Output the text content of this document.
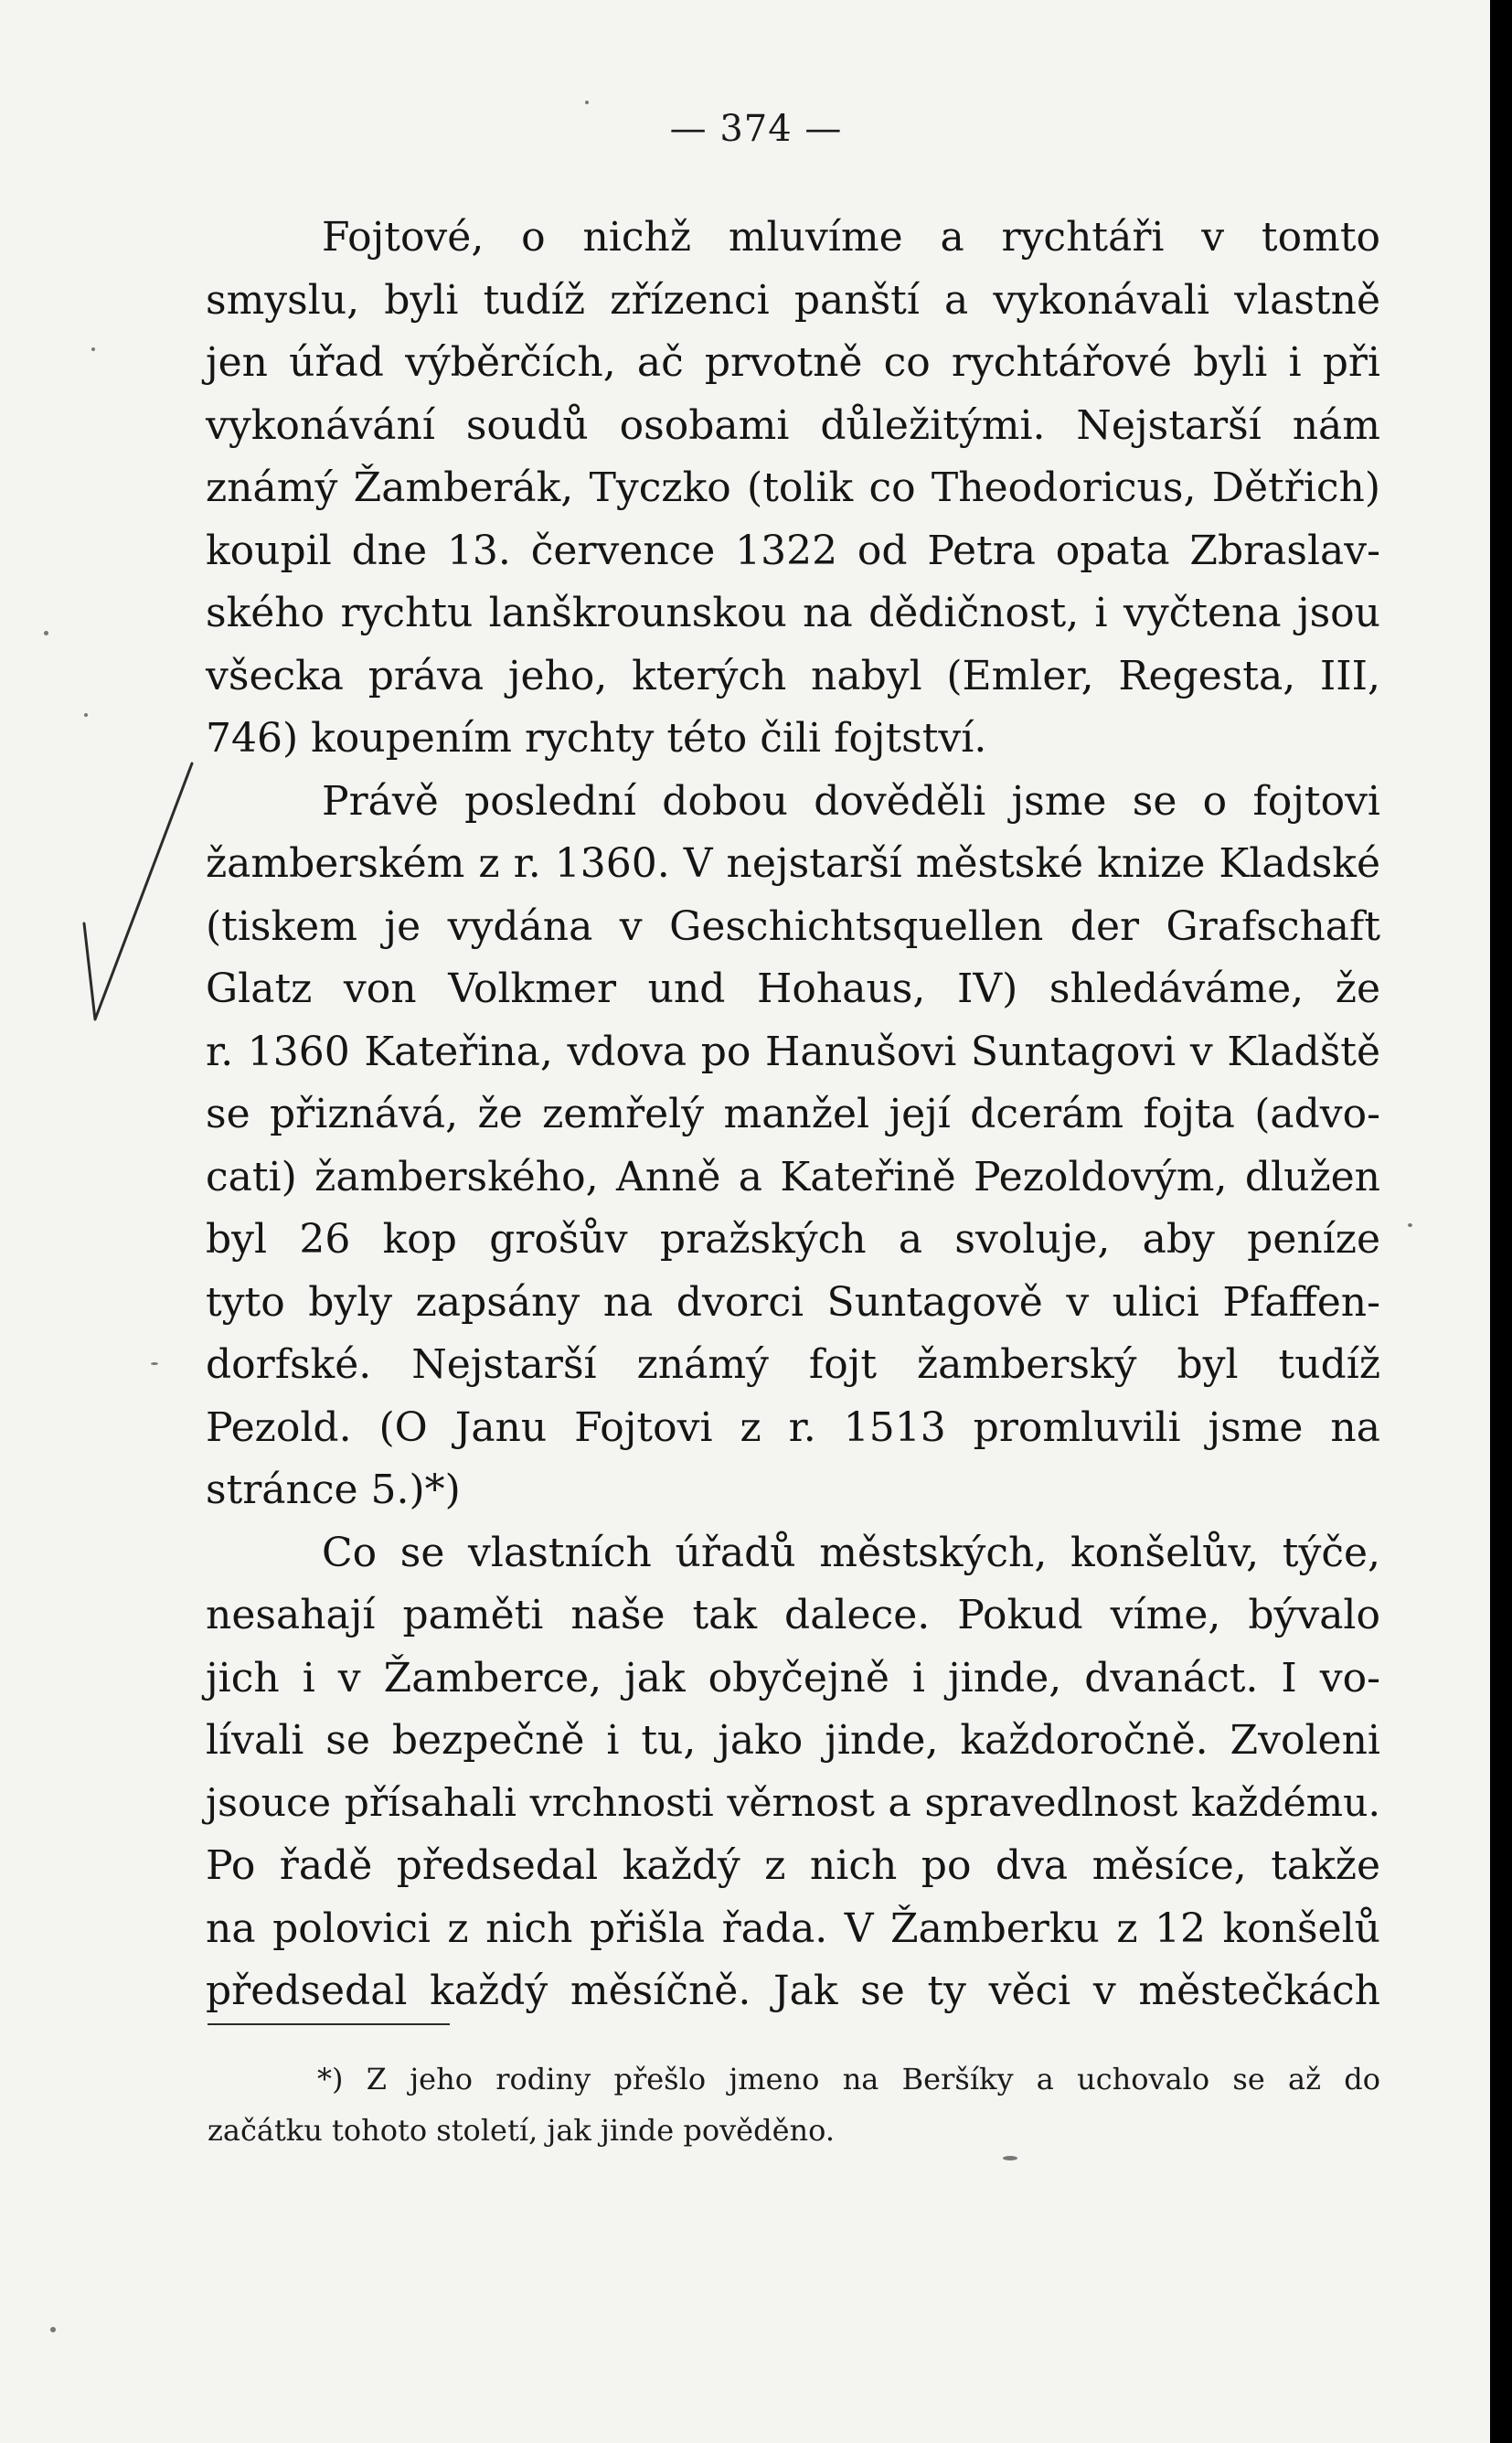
— 374 —
Fojtové, o nichž mluvíme a rychtáři v tomto
smyslu, byli tudíž zřízenci panští a vykonávali vlastně
jen úřad výběrčích, ač prvotně co rychtářové byli i při
vykonávání soudů osobami důležitými. Nejstarší nám
známý Žamberák, Tyczko (tolik co Theodoricus, Dětřich)
koupil dne 13. července 1322 od Petra opata Zbraslav-
ského rychtu lanškrounskou na dědičnost, i vyčtena jsou
všecka práva jeho, kterých nabyl (Emler, Regesta, III,
746) koupením rychty této čili fojtství.
Právě poslední dobou dověděli jsme se o fojtovi
žamberském z r. 1360. V nejstarší městské knize Kladské
(tiskem je vydána v Geschichtsquellen der Grafschaft
Glatz von Volkmer und Hohaus, IV) shledáváme, že
r. 1360 Kateřina, vdova po Hanušovi Suntagovi v Kladště
se přiznává, že zemřelý manžel její dcerám fojta (advo-
cati) žamberského, Anně a Kateřině Pezoldovým, dlužen
byl 26 kop grošův pražských a svoluje, aby peníze
tyto byly zapsány na dvorci Suntagově v ulici Pfaffen-
dorfské. Nejstarší známý fojt žamberský byl tudíž
Pezold. (O Janu Fojtovi z r. 1513 promluvili jsme na
stránce 5.)*)
Co se vlastních úřadů městských, konšelův, týče,
nesahají paměti naše tak dalece. Pokud víme, bývalo
jich i v Žamberce, jak obyčejně i jinde, dvanáct. I vo-
lívali se bezpečně i tu, jako jinde, každoročně. Zvoleni
jsouce přísahali vrchnosti věrnost a spravedlnost každému.
Po řadě předsedal každý z nich po dva měsíce, takže
na polovici z nich přišla řada. V Žamberku z 12 konšelů
předsedal každý měsíčně. Jak se ty věci v městečkách
*) Z jeho rodiny přešlo jmeno na Beršíky a uchovalo se až do
začátku tohoto století, jak jinde pověděno.
